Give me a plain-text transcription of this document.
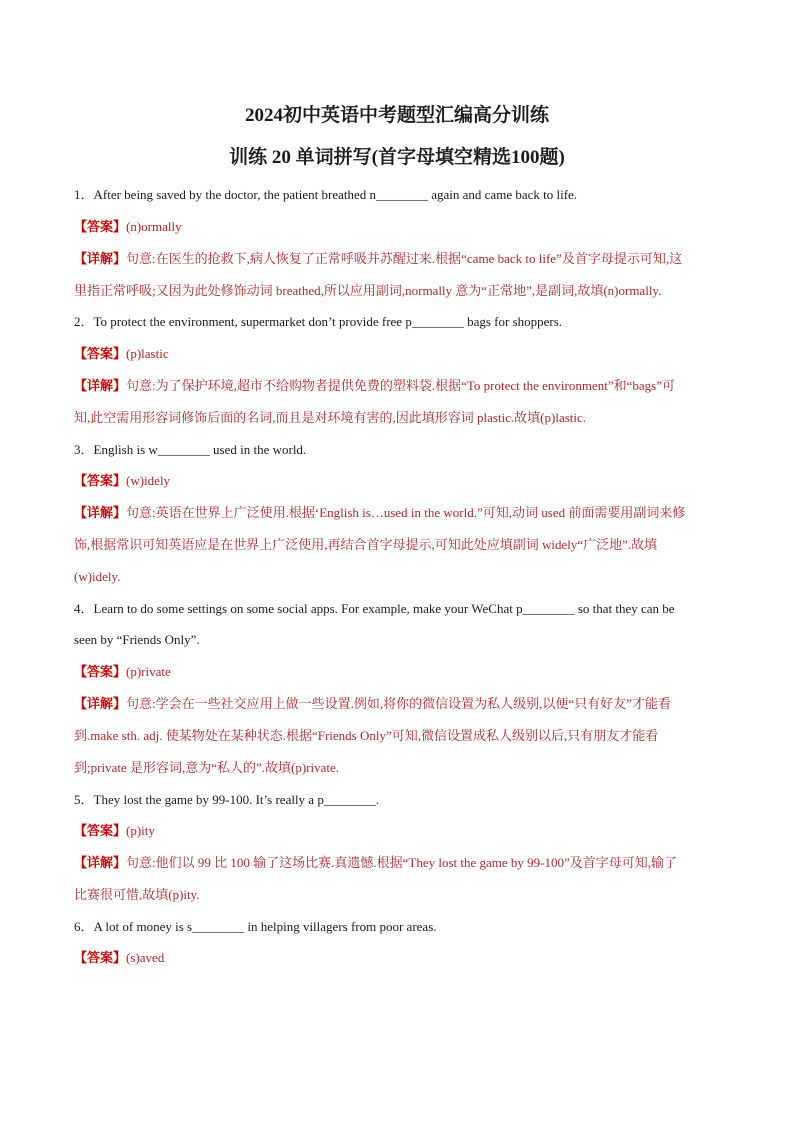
2024初中英语中考题型汇编高分训练
训练 20 单词拼写(首字母填空精选100题)
1．After being saved by the doctor, the patient breathed n________ again and came back to life.
【答案】(n)ormally
【详解】句意:在医生的抢救下,病人恢复了正常呼吸并苏醒过来.根据“came back to life”及首字母提示可知,这
里指正常呼吸;又因为此处修饰动词 breathed,所以应用副词,normally 意为“正常地”,是副词,故填(n)ormally.
2．To protect the environment, supermarket don’t provide free p________ bags for shoppers.
【答案】(p)lastic
【详解】句意:为了保护环境,超市不给购物者提供免费的塑料袋.根据“To protect the environment”和“bags”可
知,此空需用形容词修饰后面的名词,而且是对环境有害的,因此填形容词 plastic.故填(p)lastic.
3．English is w________ used in the world.
【答案】(w)idely
【详解】句意:英语在世界上广泛使用.根据‘English is…used in the world.”可知,动词 used 前面需要用副词来修
饰,根据常识可知英语应是在世界上广泛使用,再结合首字母提示,可知此处应填副词 widely“广泛地”.故填
(w)idely.
4．Learn to do some settings on some social apps. For example, make your WeChat p________ so that they can be
seen by “Friends Only”.
【答案】(p)rivate
【详解】句意:学会在一些社交应用上做一些设置.例如,将你的微信设置为私人级别,以便“只有好友”才能看
到.make sth. adj. 使某物处在某种状态.根据“Friends Only”可知,微信设置成私人级别以后,只有朋友才能看
到;private 是形容词,意为“私人的”.故填(p)rivate.
5．They lost the game by 99-100. It’s really a p________.
【答案】(p)ity
【详解】句意:他们以 99 比 100 输了这场比赛.真遗憾.根据“They lost the game by 99-100”及首字母可知,输了
比赛很可惜,故填(p)ity.
6．A lot of money is s________ in helping villagers from poor areas.
【答案】(s)aved
